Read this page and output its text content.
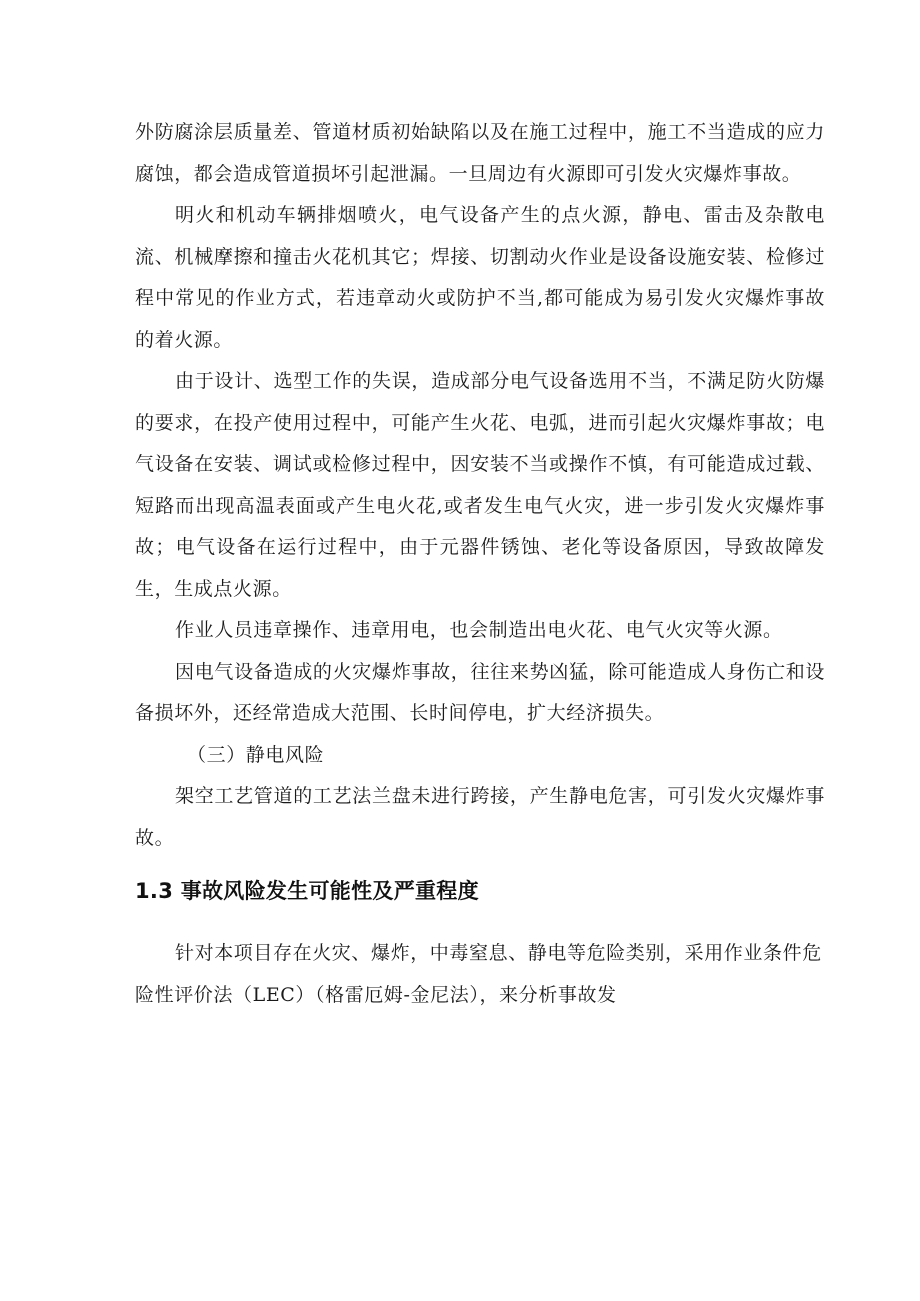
外防腐涂层质量差、管道材质初始缺陷以及在施工过程中，施工不当造成的应力腐蚀，都会造成管道损坏引起泄漏。一旦周边有火源即可引发火灾爆炸事故。

明火和机动车辆排烟喷火，电气设备产生的点火源，静电、雷击及杂散电流、机械摩擦和撞击火花机其它；焊接、切割动火作业是设备设施安装、检修过程中常见的作业方式，若违章动火或防护不当,都可能成为易引发火灾爆炸事故的着火源。

由于设计、选型工作的失误，造成部分电气设备选用不当，不满足防火防爆的要求，在投产使用过程中，可能产生火花、电弧，进而引起火灾爆炸事故；电气设备在安装、调试或检修过程中，因安装不当或操作不慎，有可能造成过载、短路而出现高温表面或产生电火花,或者发生电气火灾，进一步引发火灾爆炸事故；电气设备在运行过程中，由于元器件锈蚀、老化等设备原因，导致故障发生，生成点火源。

作业人员违章操作、违章用电，也会制造出电火花、电气火灾等火源。

因电气设备造成的火灾爆炸事故，往往来势凶猛，除可能造成人身伤亡和设备损坏外，还经常造成大范围、长时间停电，扩大经济损失。

（三）静电风险

架空工艺管道的工艺法兰盘未进行跨接，产生静电危害，可引发火灾爆炸事故。

1.3 事故风险发生可能性及严重程度

针对本项目存在火灾、爆炸，中毒窒息、静电等危险类别，采用作业条件危险性评价法（LEC）（格雷厄姆-金尼法），来分析事故发
